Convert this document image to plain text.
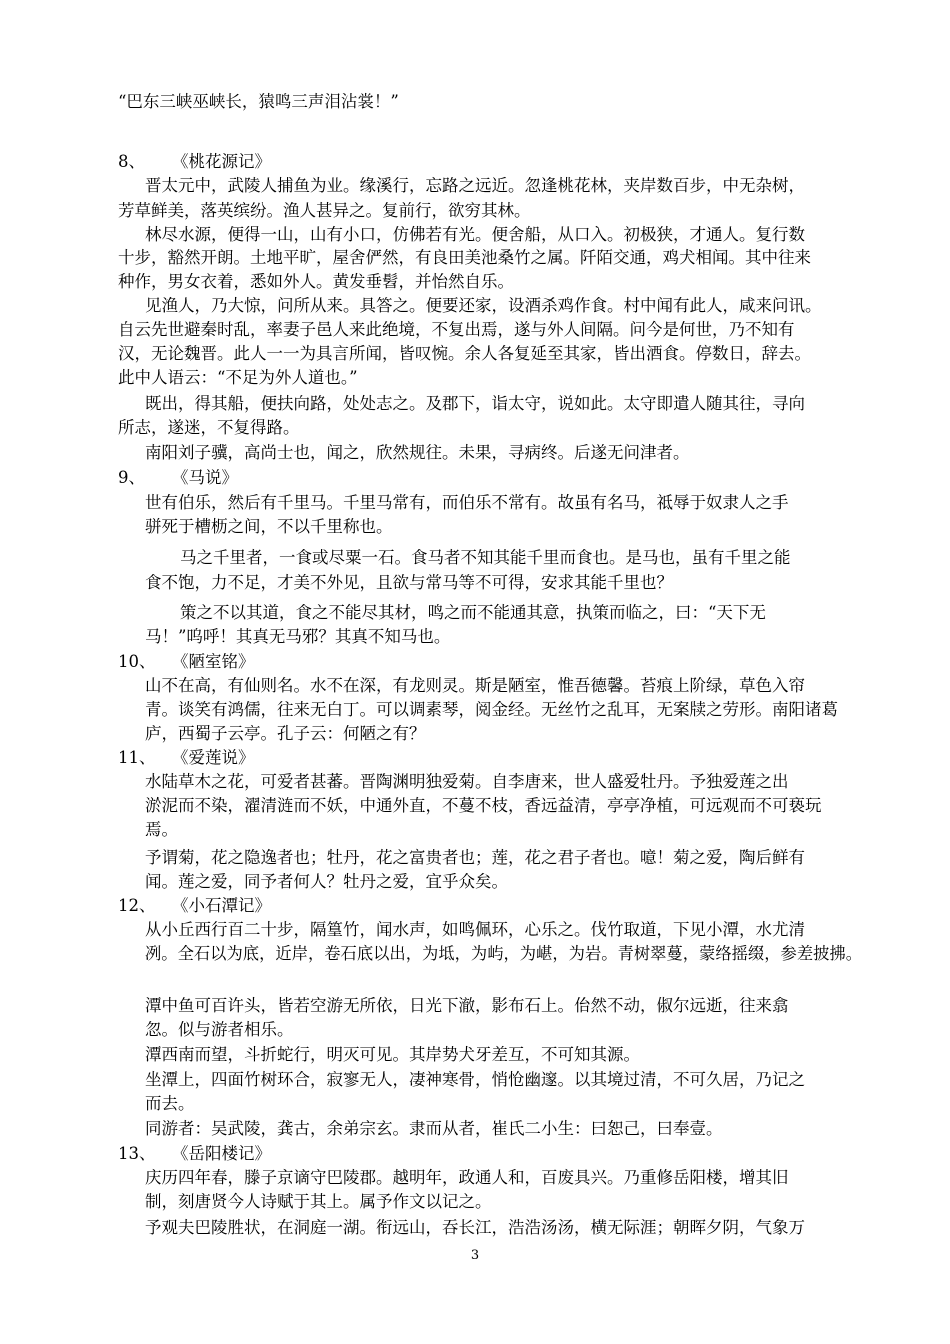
“巴东三峡巫峡长，猿鸣三声泪沾裳！”
8、 《桃花源记》
晋太元中，武陵人捕鱼为业。缘溪行，忘路之远近。忽逢桃花林，夹岸数百步，中无杂树，
芳草鲜美，落英缤纷。渔人甚异之。复前行，欲穷其林。
林尽水源，便得一山，山有小口，仿佛若有光。便舍船，从口入。初极狭，才通人。复行数
十步，豁然开朗。土地平旷，屋舍俨然，有良田美池桑竹之属。阡陌交通，鸡犬相闻。其中往来
种作，男女衣着，悉如外人。黄发垂髫，并怡然自乐。
见渔人，乃大惊，问所从来。具答之。便要还家，设酒杀鸡作食。村中闻有此人，咸来问讯。
自云先世避秦时乱，率妻子邑人来此绝境，不复出焉，遂与外人间隔。问今是何世，乃不知有
汉，无论魏晋。此人一一为具言所闻，皆叹惋。余人各复延至其家，皆出酒食。停数日，辞去。
此中人语云：“不足为外人道也。”
既出，得其船，便扶向路，处处志之。及郡下，诣太守，说如此。太守即遣人随其往，寻向
所志，遂迷，不复得路。
南阳刘子骥，高尚士也，闻之，欣然规往。未果，寻病终。后遂无问津者。
9、 《马说》
世有伯乐，然后有千里马。千里马常有，而伯乐不常有。故虽有名马，祗辱于奴隶人之手
骈死于槽枥之间，不以千里称也。
马之千里者，一食或尽粟一石。食马者不知其能千里而食也。是马也，虽有千里之能
食不饱，力不足，才美不外见，且欲与常马等不可得，安求其能千里也？
策之不以其道，食之不能尽其材，鸣之而不能通其意，执策而临之，曰：“天下无
马！”呜呼！其真无马邪？其真不知马也。
10、 《陋室铭》
山不在高，有仙则名。水不在深，有龙则灵。斯是陋室，惟吾德馨。苔痕上阶绿，草色入帘
青。谈笑有鸿儒，往来无白丁。可以调素琴，阅金经。无丝竹之乱耳，无案牍之劳形。南阳诸葛
庐，西蜀子云亭。孔子云：何陋之有？
11、 《爱莲说》
水陆草木之花，可爱者甚蕃。晋陶渊明独爱菊。自李唐来，世人盛爱牡丹。予独爱莲之出
淤泥而不染，濯清涟而不妖，中通外直，不蔓不枝，香远益清，亭亭净植，可远观而不可亵玩
焉。
予谓菊，花之隐逸者也；牡丹，花之富贵者也；莲，花之君子者也。噫！菊之爱，陶后鲜有
闻。莲之爱，同予者何人？牡丹之爱，宜乎众矣。
12、 《小石潭记》
从小丘西行百二十步，隔篁竹，闻水声，如鸣佩环，心乐之。伐竹取道，下见小潭，水尤清
冽。全石以为底，近岸，卷石底以出，为坻，为屿，为嵁，为岩。青树翠蔓，蒙络摇缀，参差披拂。
潭中鱼可百许头，皆若空游无所依，日光下澈，影布石上。佁然不动，俶尔远逝，往来翕
忽。似与游者相乐。
潭西南而望，斗折蛇行，明灭可见。其岸势犬牙差互，不可知其源。
坐潭上，四面竹树环合，寂寥无人，凄神寒骨，悄怆幽邃。以其境过清，不可久居，乃记之
而去。
同游者：吴武陵，龚古，余弟宗玄。隶而从者，崔氏二小生：曰恕己，曰奉壹。
13、 《岳阳楼记》
庆历四年春，滕子京谪守巴陵郡。越明年，政通人和，百废具兴。乃重修岳阳楼，增其旧
制，刻唐贤今人诗赋于其上。属予作文以记之。
予观夫巴陵胜状，在洞庭一湖。衔远山，吞长江，浩浩汤汤，横无际涯；朝晖夕阴，气象万
3
